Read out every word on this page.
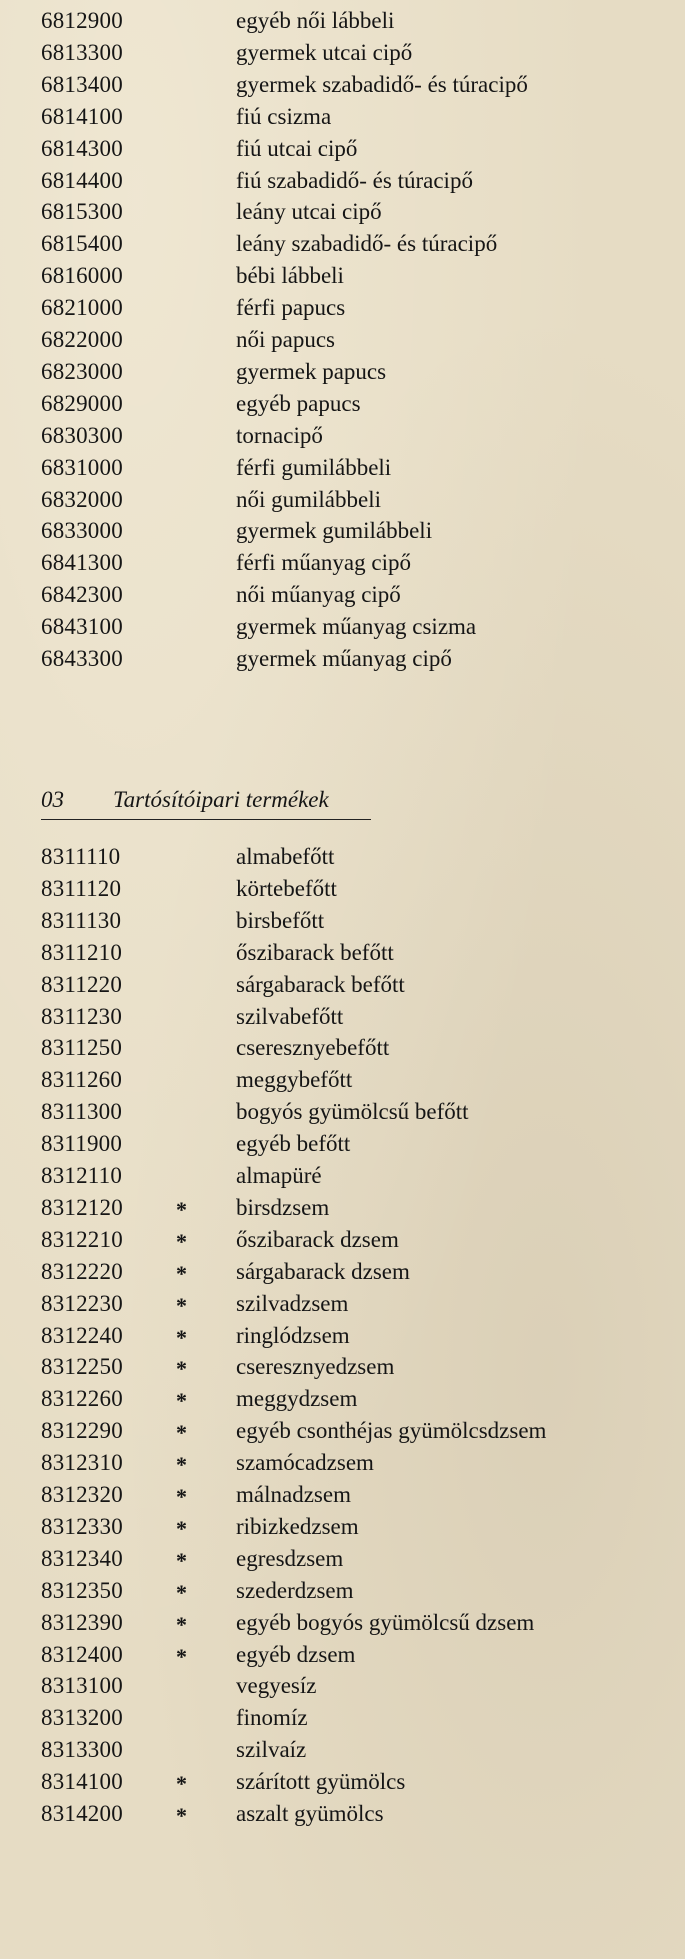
6812900	egyéb női lábbeli
6813300	gyermek utcai cipő
6813400	gyermek szabadidő- és túracipő
6814100	fiú csizma
6814300	fiú utcai cipő
6814400	fiú szabadidő- és túracipő
6815300	leány utcai cipő
6815400	leány szabadidő- és túracipő
6816000	bébi lábbeli
6821000	férfi papucs
6822000	női papucs
6823000	gyermek papucs
6829000	egyéb papucs
6830300	tornacipő
6831000	férfi gumilábbeli
6832000	női gumilábbeli
6833000	gyermek gumilábbeli
6841300	férfi műanyag cipő
6842300	női műanyag cipő
6843100	gyermek műanyag csizma
6843300	gyermek műanyag cipő
03 Tartósítóipari termékek
8311110	almabefőtt
8311120	körtebefőtt
8311130	birsbefőtt
8311210	őszibarack befőtt
8311220	sárgabarack befőtt
8311230	szilvabefőtt
8311250	cseresznyebefőtt
8311260	meggybefőtt
8311300	bogyós gyümölcsű befőtt
8311900	egyéb befőtt
8312110	almapüré
8312120 * birsdzsem
8312210 * őszibarack dzsem
8312220 * sárgabarack dzsem
8312230 * szilvadzsem
8312240 * ringlódzsem
8312250 * cseresznyedzsem
8312260 * meggydzsem
8312290 * egyéb csonthéjas gyümölcsdzsem
8312310 * szamócadzsem
8312320 * málnadzsem
8312330 * ribizkedzsem
8312340 * egresdzsem
8312350 * szederdzsem
8312390 * egyéb bogyós gyümölcsű dzsem
8312400 * egyéb dzsem
8313100	vegyesíz
8313200	finomíz
8313300	szilvaíz
8314100 * szárított gyümölcs
8314200 * aszalt gyümölcs
